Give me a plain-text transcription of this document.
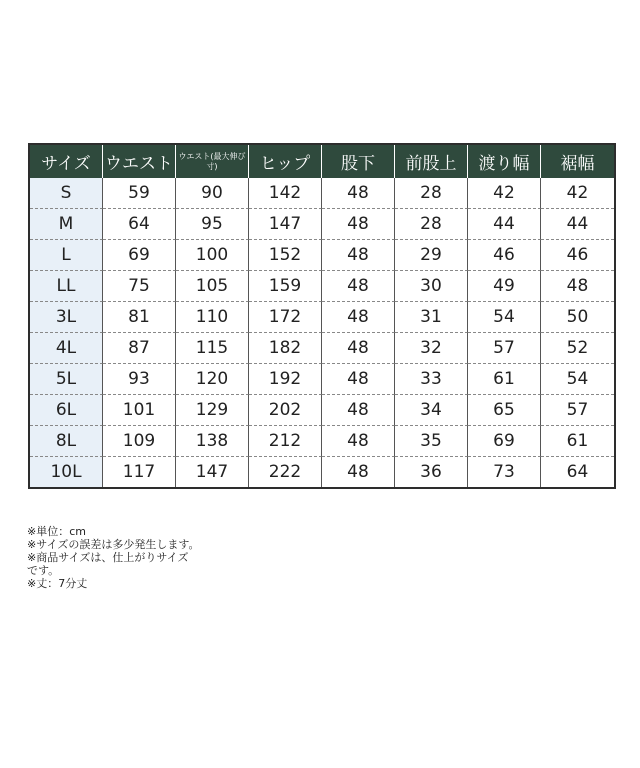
サイズ	ウエスト	ウエスト(最大伸び寸)	ヒップ	股下	前股上	渡り幅	裾幅
S	59	90	142	48	28	42	42
M	64	95	147	48	28	44	44
L	69	100	152	48	29	46	46
LL	75	105	159	48	30	49	48
3L	81	110	172	48	31	54	50
4L	87	115	182	48	32	57	52
5L	93	120	192	48	33	61	54
6L	101	129	202	48	34	65	57
8L	109	138	212	48	35	69	61
10L	117	147	222	48	36	73	64
※単位：cm
※サイズの誤差は多少発生します。
※商品サイズは、仕上がりサイズ
です。
※丈：7分丈
